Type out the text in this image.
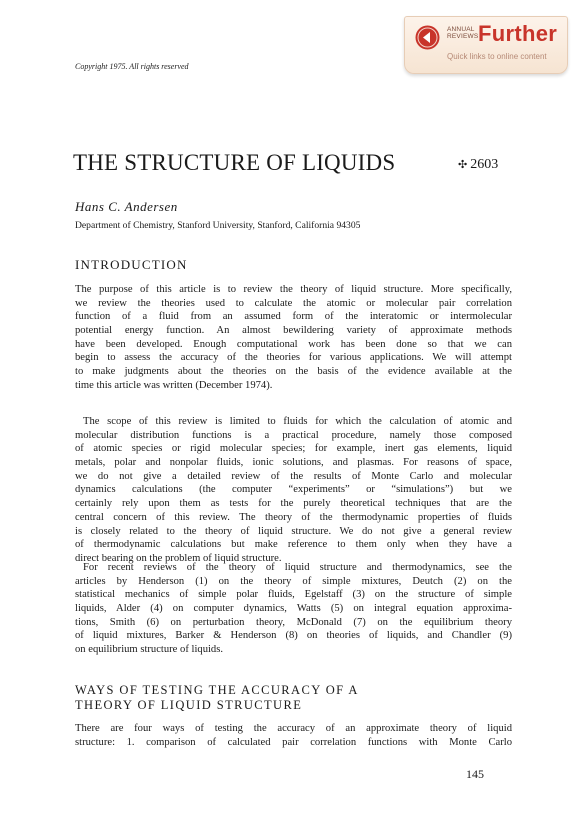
ANNUAL
REVIEWS Further
Quick links to online content
Copyright 1975. All rights reserved
THE STRUCTURE OF LIQUIDS	✣ 2603
Hans C. Andersen
Department of Chemistry, Stanford University, Stanford, California 94305
INTRODUCTION
The purpose of this article is to review the theory of liquid structure. More specifically,
we review the theories used to calculate the atomic or molecular pair correlation
function of a fluid from an assumed form of the interatomic or intermolecular
potential energy function. An almost bewildering variety of approximate methods
have been developed. Enough computational work has been done so that we can
begin to assess the accuracy of the theories for various applications. We will attempt
to make judgments about the theories on the basis of the evidence available at the
time this article was written (December 1974).
The scope of this review is limited to fluids for which the calculation of atomic and
molecular distribution functions is a practical procedure, namely those composed
of atomic species or rigid molecular species; for example, inert gas elements, liquid
metals, polar and nonpolar fluids, ionic solutions, and plasmas. For reasons of space,
we do not give a detailed review of the results of Monte Carlo and molecular
dynamics calculations (the computer “experiments” or “simulations”) but we
certainly rely upon them as tests for the purely theoretical techniques that are the
central concern of this review. The theory of the thermodynamic properties of fluids
is closely related to the theory of liquid structure. We do not give a general review
of thermodynamic calculations but make reference to them only when they have a
direct bearing on the problem of liquid structure.
For recent reviews of the theory of liquid structure and thermodynamics, see the
articles by Henderson (1) on the theory of simple mixtures, Deutch (2) on the
statistical mechanics of simple polar fluids, Egelstaff (3) on the structure of simple
liquids, Alder (4) on computer dynamics, Watts (5) on integral equation approxima-
tions, Smith (6) on perturbation theory, McDonald (7) on the equilibrium theory
of liquid mixtures, Barker & Henderson (8) on theories of liquids, and Chandler (9)
on equilibrium structure of liquids.
WAYS OF TESTING THE ACCURACY OF A
THEORY OF LIQUID STRUCTURE
There are four ways of testing the accuracy of an approximate theory of liquid
structure: 1. comparison of calculated pair correlation functions with Monte Carlo
145
